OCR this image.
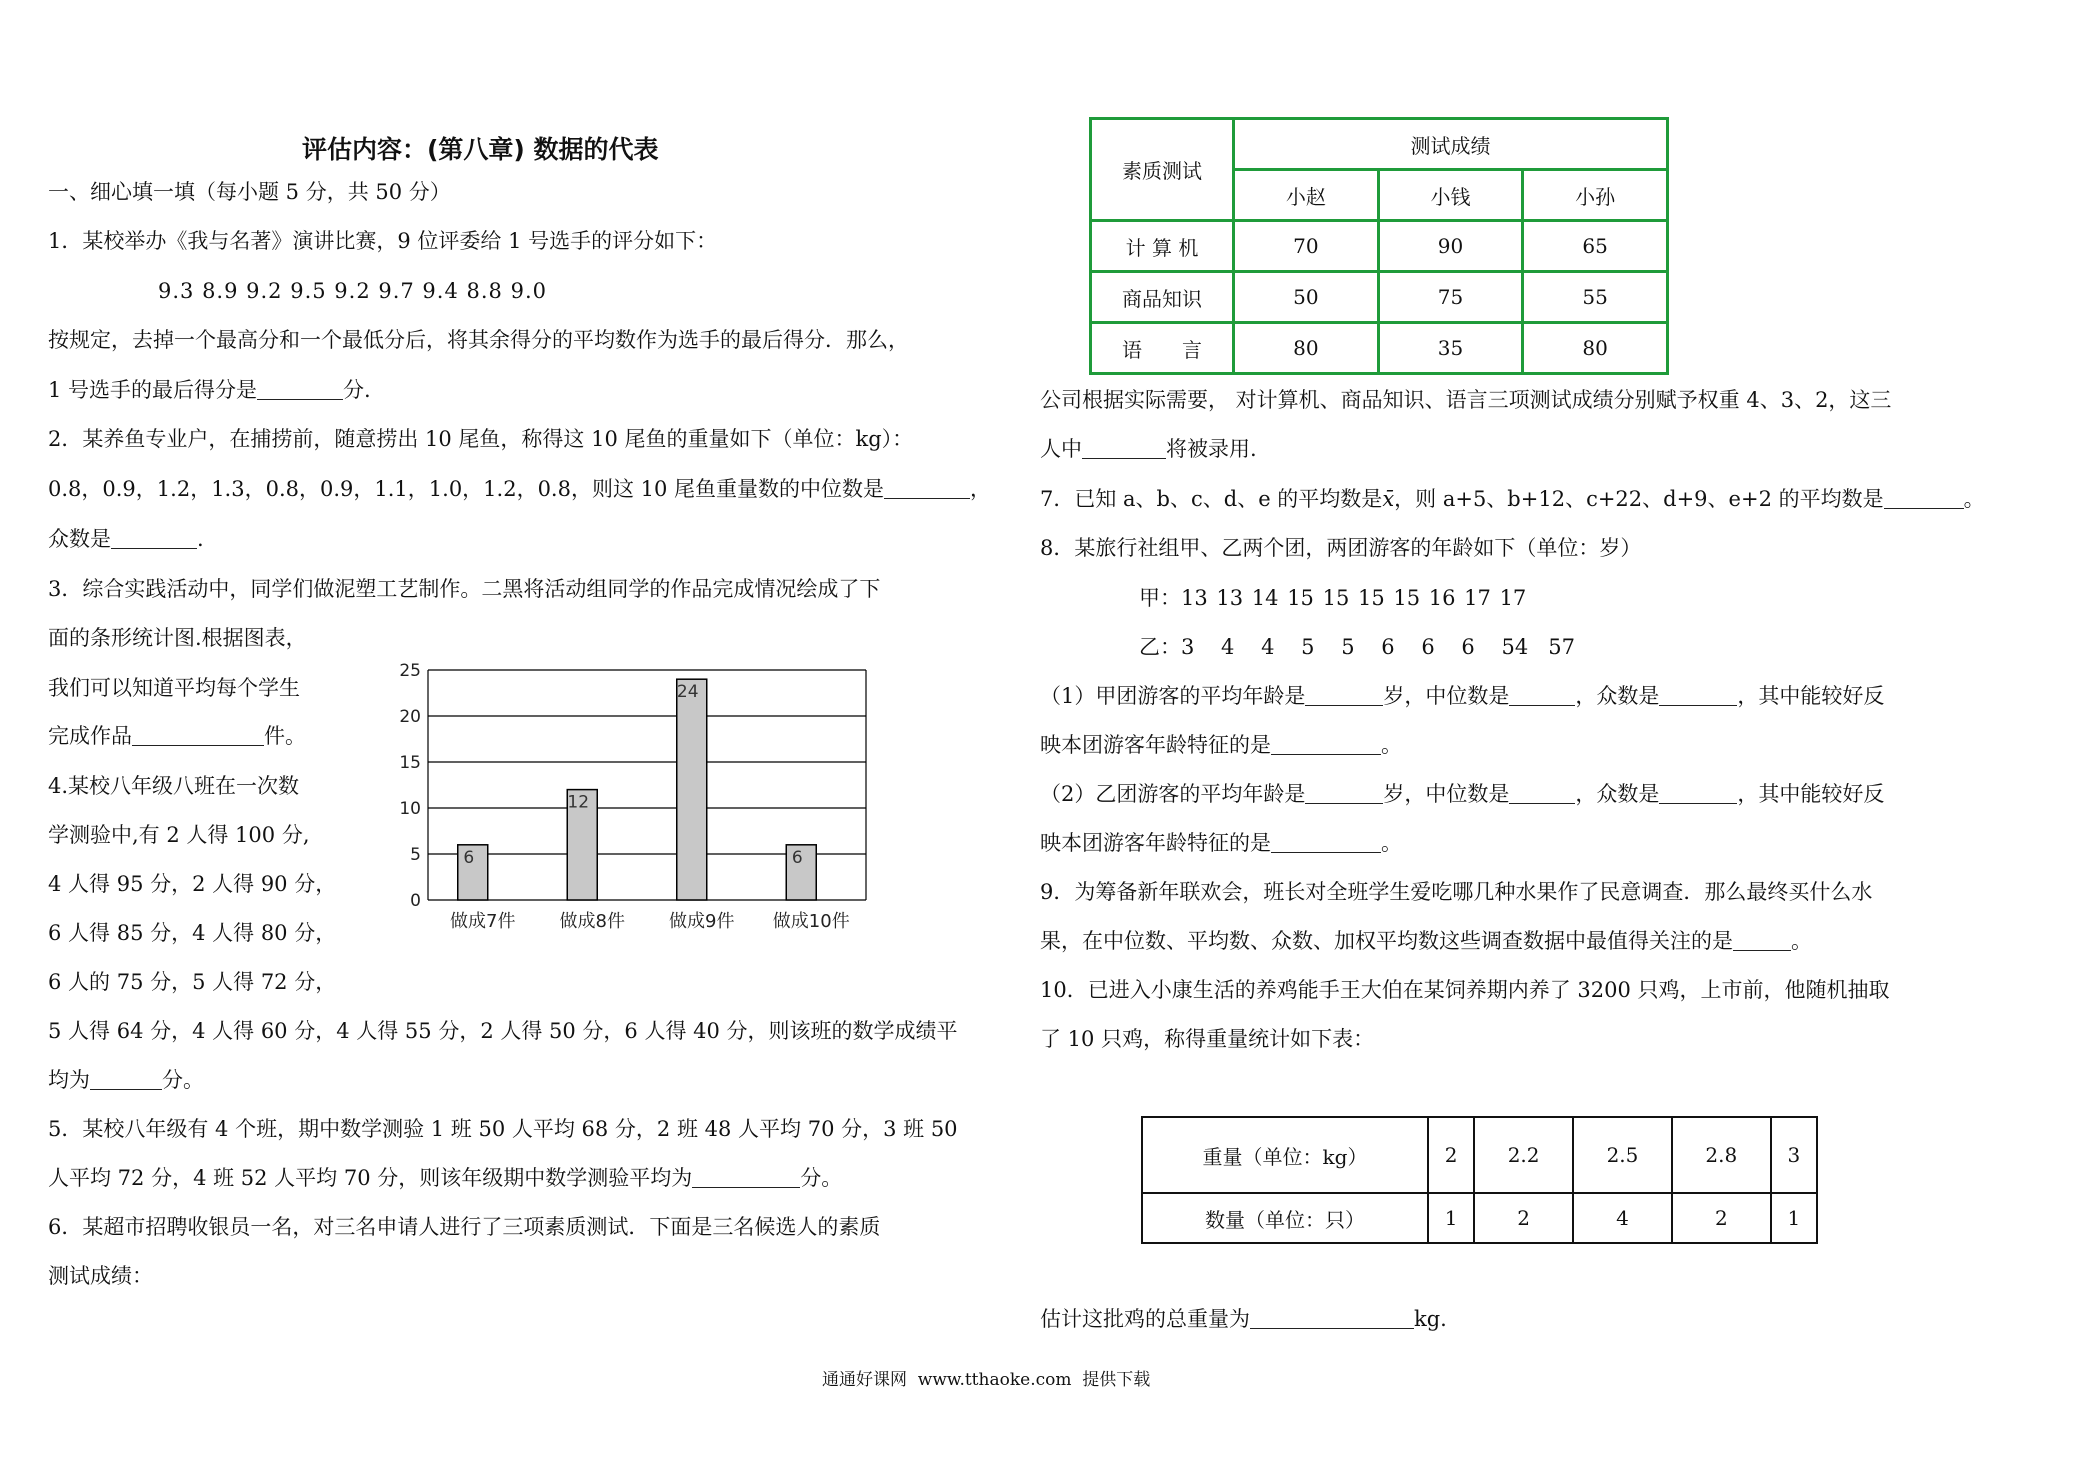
评估内容：(第八章) 数据的代表
一、细心填一填（每小题 5 分，共 50 分）
1．某校举办《我与名著》演讲比赛，9 位评委给 1 号选手的评分如下：
9.3 8.9 9.2 9.5 9.2 9.7 9.4 8.8 9.0
按规定，去掉一个最高分和一个最低分后，将其余得分的平均数作为选手的最后得分．那么，
1 号选手的最后得分是	分.
2．某养鱼专业户，在捕捞前，随意捞出 10 尾鱼，称得这 10 尾鱼的重量如下（单位：kg）：
0.8，0.9，1.2，1.3，0.8，0.9，1.1，1.0，1.2，0.8，则这 10 尾鱼重量数的中位数是	，
众数是	.
3．综合实践活动中，同学们做泥塑工艺制作。二黑将活动组同学的作品完成情况绘成了下
面的条形统计图.根据图表，
我们可以知道平均每个学生
完成作品	件。
0
5
10
15
20
25
6
做成7件
12
做成8件
24
做成9件
6
做成10件
4.某校八年级八班在一次数
学测验中,有 2 人得 100 分,
4 人得 95 分，2 人得 90 分，
6 人得 85 分，4 人得 80 分，
6 人的 75 分，5 人得 72 分，
5 人得 64 分，4 人得 60 分，4 人得 55 分，2 人得 50 分，6 人得 40 分，则该班的数学成绩平
均为	分。
5．某校八年级有 4 个班，期中数学测验 1 班 50 人平均 68 分，2 班 48 人平均 70 分，3 班 50
人平均 72 分，4 班 52 人平均 70 分，则该年级期中数学测验平均为	分。
6．某超市招聘收银员一名，对三名申请人进行了三项素质测试．下面是三名候选人的素质
测试成绩：
素质测试	测试成绩		
	小赵	小钱	小孙
计 算 机	70	90	65
商品知识	50	75	55
语　　言	80	35	80
公司根据实际需要， 对计算机、商品知识、语言三项测试成绩分别赋予权重 4、3、2，这三
人中	将被录用.
7．已知 a、b、c、d、e 的平均数是x̄，则 a+5、b+12、c+22、d+9、e+2 的平均数是	。
8．某旅行社组甲、乙两个团，两团游客的年龄如下（单位：岁）
甲：13 13 14 15 15 15 15 16 17 17
乙：3    4    4    5    5    6    6    6    54   57
（1）甲团游客的平均年龄是	岁，中位数是	，众数是	，其中能较好反
映本团游客年龄特征的是	。
（2）乙团游客的平均年龄是	岁，中位数是	，众数是	，其中能较好反
映本团游客年龄特征的是	。
9．为筹备新年联欢会，班长对全班学生爱吃哪几种水果作了民意调查．那么最终买什么水
果，在中位数、平均数、众数、加权平均数这些调查数据中最值得关注的是	。
10．已进入小康生活的养鸡能手王大伯在某饲养期内养了 3200 只鸡，上市前，他随机抽取
了 10 只鸡，称得重量统计如下表：
重量（单位：kg）	2	2.2	2.5	2.8	3
数量（单位：只）	1	2	4	2	1
估计这批鸡的总重量为	kg.
通通好课网  www.tthaoke.com  提供下载
